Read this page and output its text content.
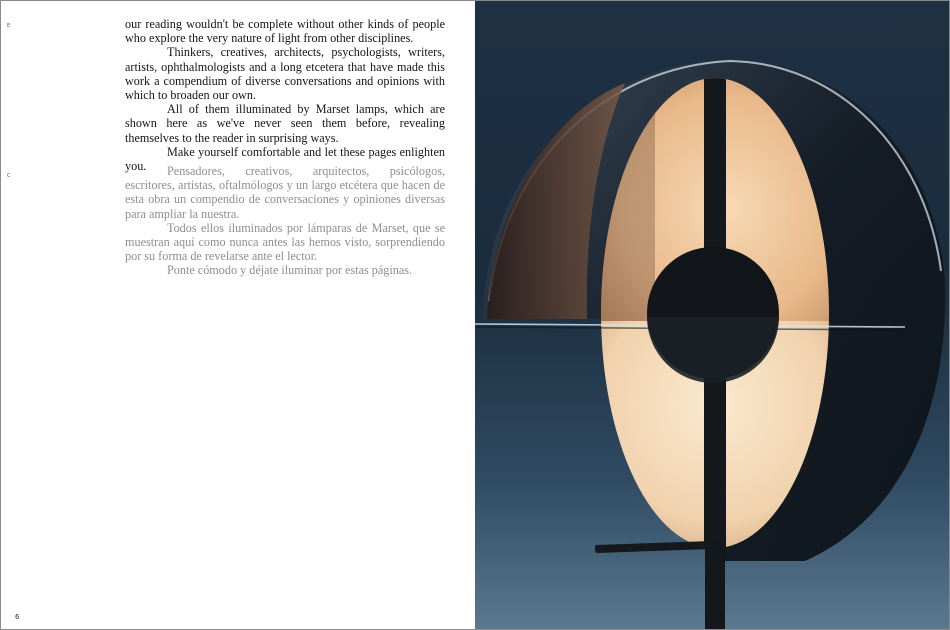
E
C

our reading wouldn't be complete without other kinds of people who explore the very nature of light from other disciplines.

Thinkers, creatives, architects, psychologists, writers, artists, ophthalmologists and a long etcetera that have made this work a compendium of diverse conversations and opinions with which to broaden our own.

All of them illuminated by Marset lamps, which are shown here as we've never seen them before, revealing themselves to the reader in surprising ways.

Make yourself comfortable and let these pages enlighten you.	Pensadores, creativos, arquitectos, psicólogos, escritores, artistas, oftalmólogos y un largo etcétera que hacen de esta obra un compendio de conversaciones y opiniones diversas para ampliar la nuestra.

Todos ellos iluminados por lámparas de Marset, que se muestran aquí como nunca antes las hemos visto, sorprendiendo por su forma de revelarse ante el lector.

Ponte cómodo y déjate iluminar por estas páginas.

6
